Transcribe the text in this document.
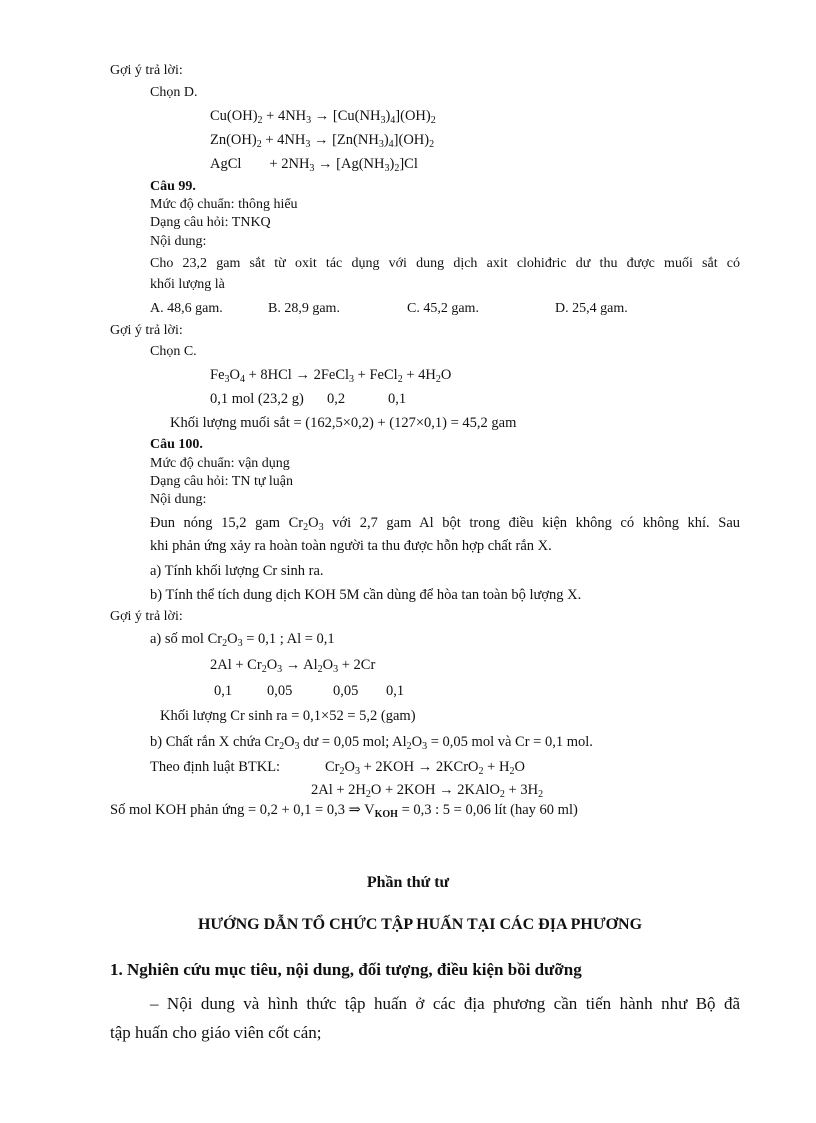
Gợi ý trả lời:
Chọn D.
$Cu(OH)_2 + 4NH_3 \to [Cu(NH_3)_4](OH)_2$
$Zn(OH)_2 + 4NH_3 \to [Zn(NH_3)_4](OH)_2$
AgCl + $2NH_3 \to [Ag(NH_3)_2]Cl$
Câu 99.
Mức độ chuẩn: thông hiểu
Dạng câu hỏi: TNKQ
Nội dung:
Cho 23,2 gam sắt từ oxit tác dụng với dung dịch axit clohiđric dư thu được muối sắt có
khối lượng là
A. 48,6 gam.	B. 28,9 gam.	C. 45,2 gam.	D. 25,4 gam.
Gợi ý trả lời:
Chọn C.
$Fe_3O_4 + 8HCl$ → 2FeCl$_3$ + FeCl$_2$ + $4H_2O$
0,1 mol (23,2 g) 0,2	0,1
Khối lượng muối sắt = (162,5×0,2) + (127×0,1) = 45,2 gam
Câu 100.
Mức độ chuẩn: vận dụng
Dạng câu hỏi: TN tự luận
Nội dung:
Đun nóng 15,2 gam $Cr_2O_3$ với 2,7 gam Al bột trong điều kiện không có không khí. Sau
khi phản ứng xảy ra hoàn toàn người ta thu được hỗn hợp chất rắn X.
a) Tính khối lượng Cr sinh ra.
b) Tính thể tích dung dịch KOH 5M cần dùng để hòa tan toàn bộ lượng X.
Gợi ý trả lời:
a) số mol $Cr_2O_3 = 0,1$ ; Al = 0,1
$2Al + Cr_2O_3 \to Al_2O_3 + 2Cr$
0,1 0,05	0,05 0,1
Khối lượng Cr sinh ra = 0,1×52 = 5,2 (gam)
b) Chất rắn X chứa $Cr_2O_3$ dư = 0,05 mol; $Al_2O_3 = 0,05$ mol và Cr = 0,1 mol.
Theo định luật BTKL:	$Cr_2O_3 + 2KOH$ → 2KCrO$_2$ + $H_2O$
$2Al + 2H_2O + 2KOH$ → 2KAlO$_2$ + $3H_2$
Số mol KOH phản ứng = 0,2 + 0,1 = 0,3 ⇒ $V_{KOH} = 0,3$ : 5 = 0,06 lít (hay 60 ml)
Phần thứ tư
HƯỚNG DẪN TỔ CHỨC TẬP HUẤN TẠI CÁC ĐỊA PHƯƠNG
1. Nghiên cứu mục tiêu, nội dung, đối tượng, điều kiện bồi dưỡng
– Nội dung và hình thức tập huấn ở các địa phương cần tiến hành như Bộ đã
tập huấn cho giáo viên cốt cán;
